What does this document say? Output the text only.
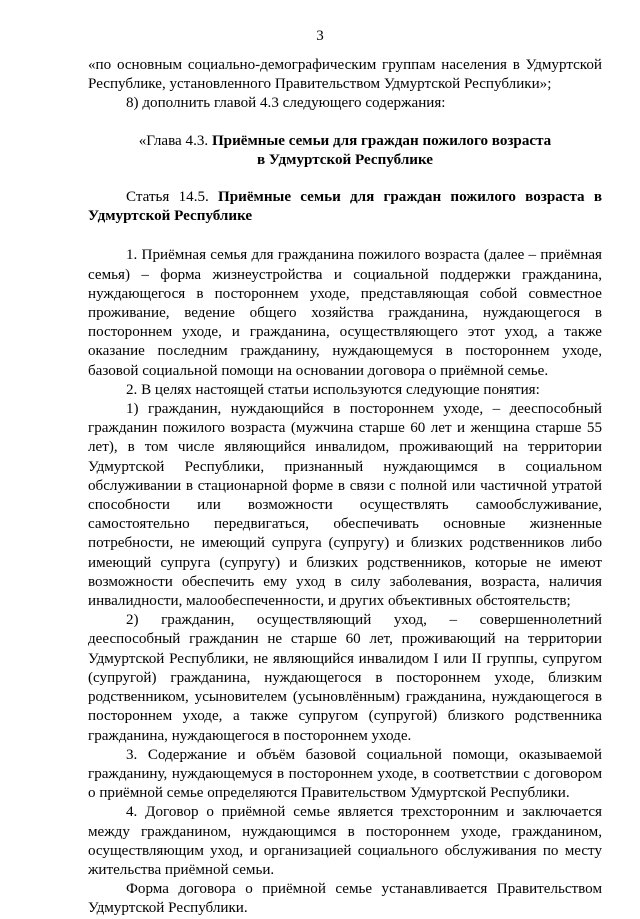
3

«по основным социально-демографическим группам населения в Удмуртской Республике, установленного Правительством Удмуртской Республики»;

8) дополнить главой 4.3 следующего содержания:

«Глава 4.3. Приёмные семьи для граждан пожилого возраста
в Удмуртской Республике

Статья 14.5. Приёмные семьи для граждан пожилого возраста в Удмуртской Республике

1. Приёмная семья для гражданина пожилого возраста (далее – приёмная семья) – форма жизнеустройства и социальной поддержки гражданина, нуждающегося в постороннем уходе, представляющая собой совместное проживание, ведение общего хозяйства гражданина, нуждающегося в постороннем уходе, и гражданина, осуществляющего этот уход, а также оказание последним гражданину, нуждающемуся в постороннем уходе, базовой социальной помощи на основании договора о приёмной семье.

2. В целях настоящей статьи используются следующие понятия:

1) гражданин, нуждающийся в постороннем уходе, – дееспособный гражданин пожилого возраста (мужчина старше 60 лет и женщина старше 55 лет), в том числе являющийся инвалидом, проживающий на территории Удмуртской Республики, признанный нуждающимся в социальном обслуживании в стационарной форме в связи с полной или частичной утратой способности или возможности осуществлять самообслуживание, самостоятельно передвигаться, обеспечивать основные жизненные потребности, не имеющий супруга (супругу) и близких родственников либо имеющий супруга (супругу) и близких родственников, которые не имеют возможности обеспечить ему уход в силу заболевания, возраста, наличия инвалидности, малообеспеченности, и других объективных обстоятельств;

2) гражданин, осуществляющий уход, – совершеннолетний дееспособный гражданин не старше 60 лет, проживающий на территории Удмуртской Республики, не являющийся инвалидом I или II группы, супругом (супругой) гражданина, нуждающегося в постороннем уходе, близким родственником, усыновителем (усыновлённым) гражданина, нуждающегося в постороннем уходе, а также супругом (супругой) близкого родственника гражданина, нуждающегося в постороннем уходе.

3. Содержание и объём базовой социальной помощи, оказываемой гражданину, нуждающемуся в постороннем уходе, в соответствии с договором о приёмной семье определяются Правительством Удмуртской Республики.

4. Договор о приёмной семье является трехсторонним и заключается между гражданином, нуждающимся в постороннем уходе, гражданином, осуществляющим уход, и организацией социального обслуживания по месту жительства приёмной семьи.

Форма договора о приёмной семье устанавливается Правительством Удмуртской Республики.
